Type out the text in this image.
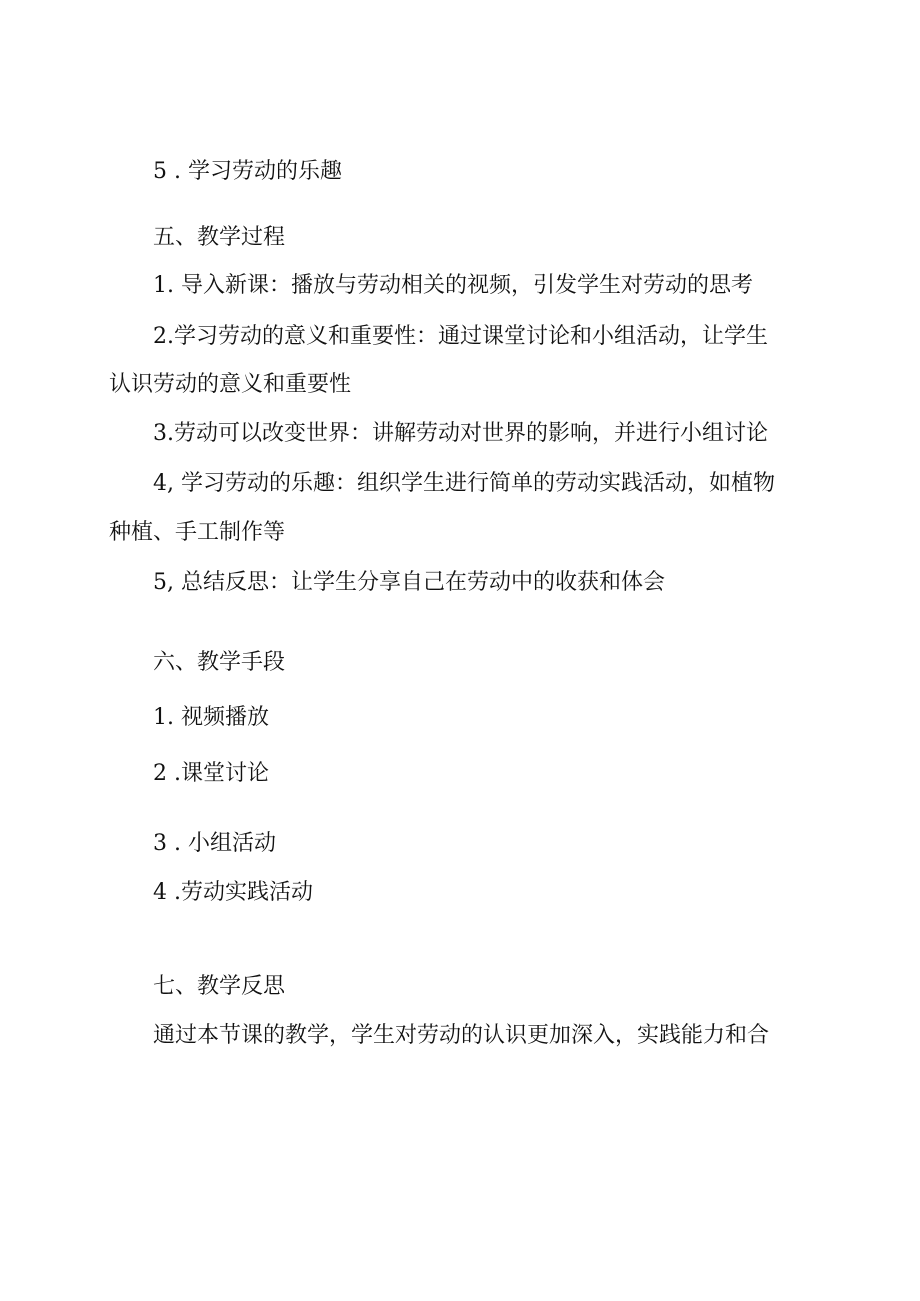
5 . 学习劳动的乐趣
五、教学过程
1. 导入新课：播放与劳动相关的视频，引发学生对劳动的思考
2.学习劳动的意义和重要性：通过课堂讨论和小组活动，让学生
认识劳动的意义和重要性
3.劳动可以改变世界：讲解劳动对世界的影响，并进行小组讨论
4, 学习劳动的乐趣：组织学生进行简单的劳动实践活动，如植物
种植、手工制作等
5, 总结反思：让学生分享自己在劳动中的收获和体会
六、教学手段
1. 视频播放
2 .课堂讨论
3 . 小组活动
4 .劳动实践活动
七、教学反思
通过本节课的教学，学生对劳动的认识更加深入，实践能力和合
